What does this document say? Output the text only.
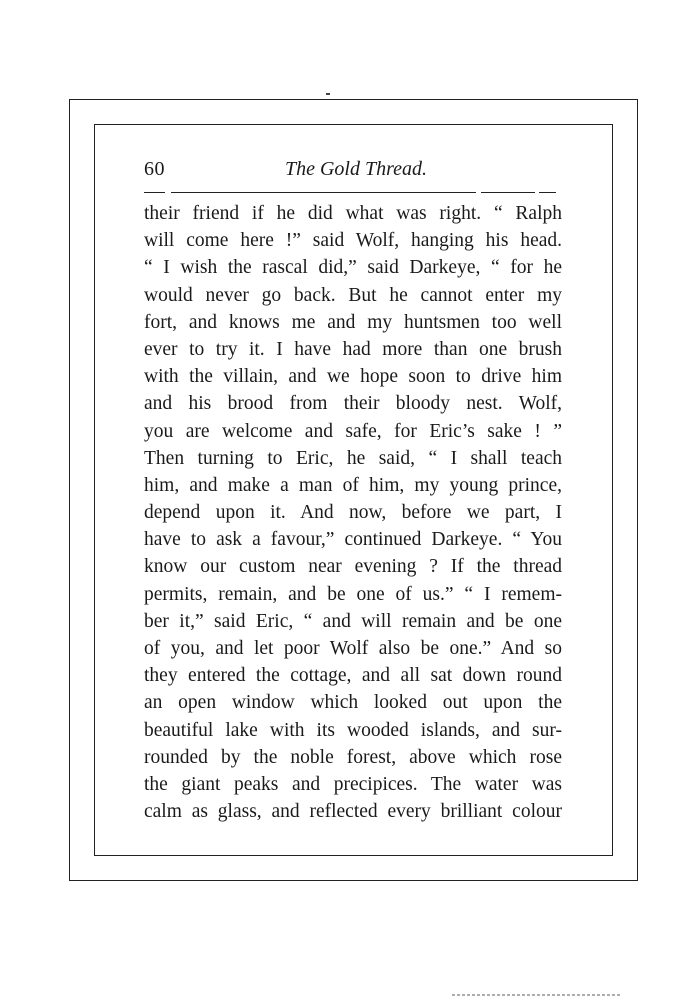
60	The Gold Thread.
their friend if he did what was right. “ Ralph
will come here !” said Wolf, hanging his head.
“ I wish the rascal did,” said Darkeye, “ for he
would never go back. But he cannot enter my
fort, and knows me and my huntsmen too well
ever to try it. I have had more than one brush
with the villain, and we hope soon to drive him
and his brood from their bloody nest. Wolf,
you are welcome and safe, for Eric’s sake ! ”
Then turning to Eric, he said, “ I shall teach
him, and make a man of him, my young prince,
depend upon it. And now, before we part, I
have to ask a favour,” continued Darkeye. “ You
know our custom near evening ? If the thread
permits, remain, and be one of us.” “ I remem-
ber it,” said Eric, “ and will remain and be one
of you, and let poor Wolf also be one.” And so
they entered the cottage, and all sat down round
an open window which looked out upon the
beautiful lake with its wooded islands, and sur-
rounded by the noble forest, above which rose
the giant peaks and precipices. The water was
calm as glass, and reflected every brilliant colour
